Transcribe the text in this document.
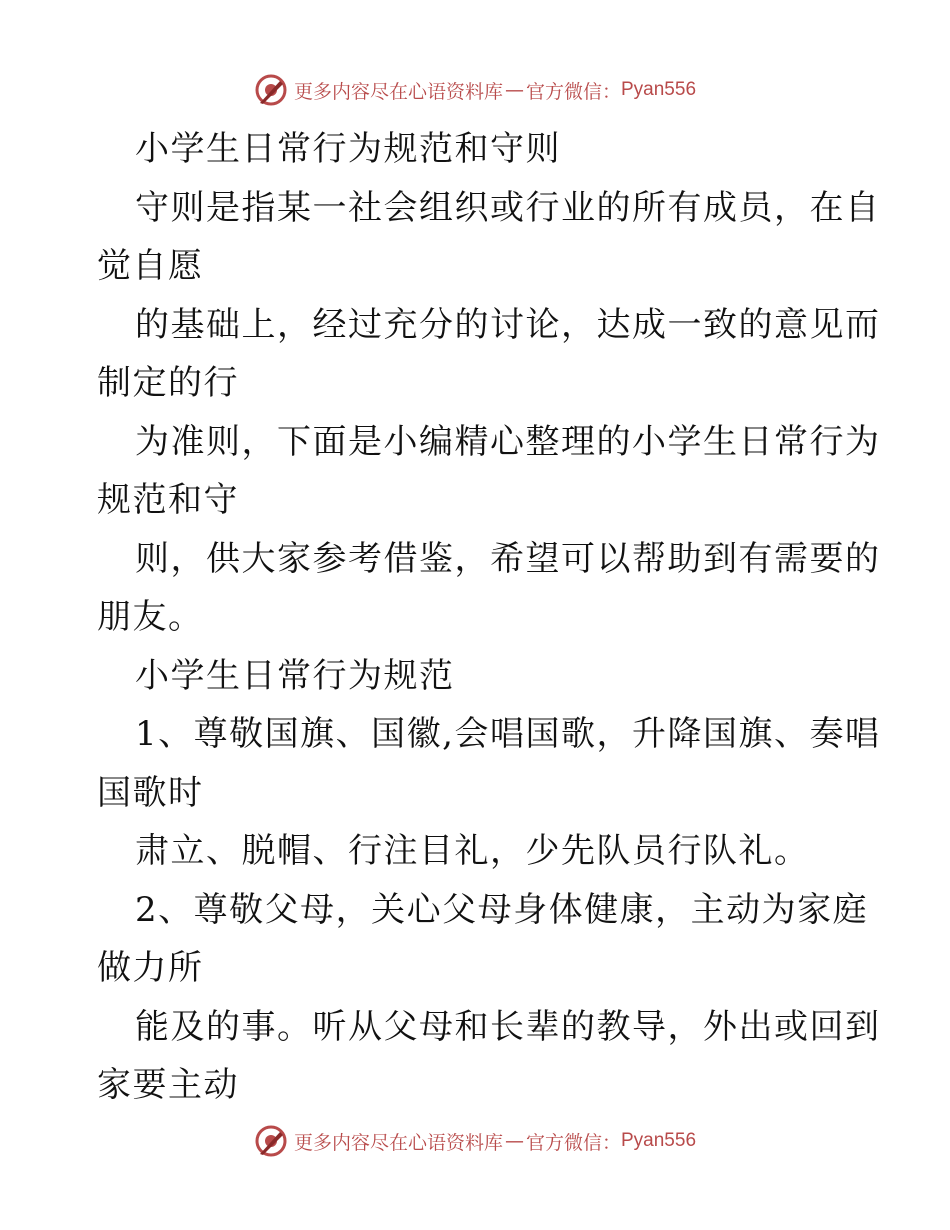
更多内容尽在心语资料库 — 官方微信： Pyan556
小学生日常行为规范和守则
守则是指某一社会组织或行业的所有成员，在自
觉自愿
的基础上，经过充分的讨论，达成一致的意见而
制定的行
为准则，下面是小编精心整理的小学生日常行为
规范和守
则，供大家参考借鉴，希望可以帮助到有需要的
朋友。
小学生日常行为规范
1、尊敬国旗、国徽,会唱国歌，升降国旗、奏唱
国歌时
肃立、脱帽、行注目礼，少先队员行队礼。
2、尊敬父母，关心父母身体健康，主动为家庭
做力所
能及的事。听从父母和长辈的教导，外出或回到
家要主动
更多内容尽在心语资料库 — 官方微信： Pyan556
